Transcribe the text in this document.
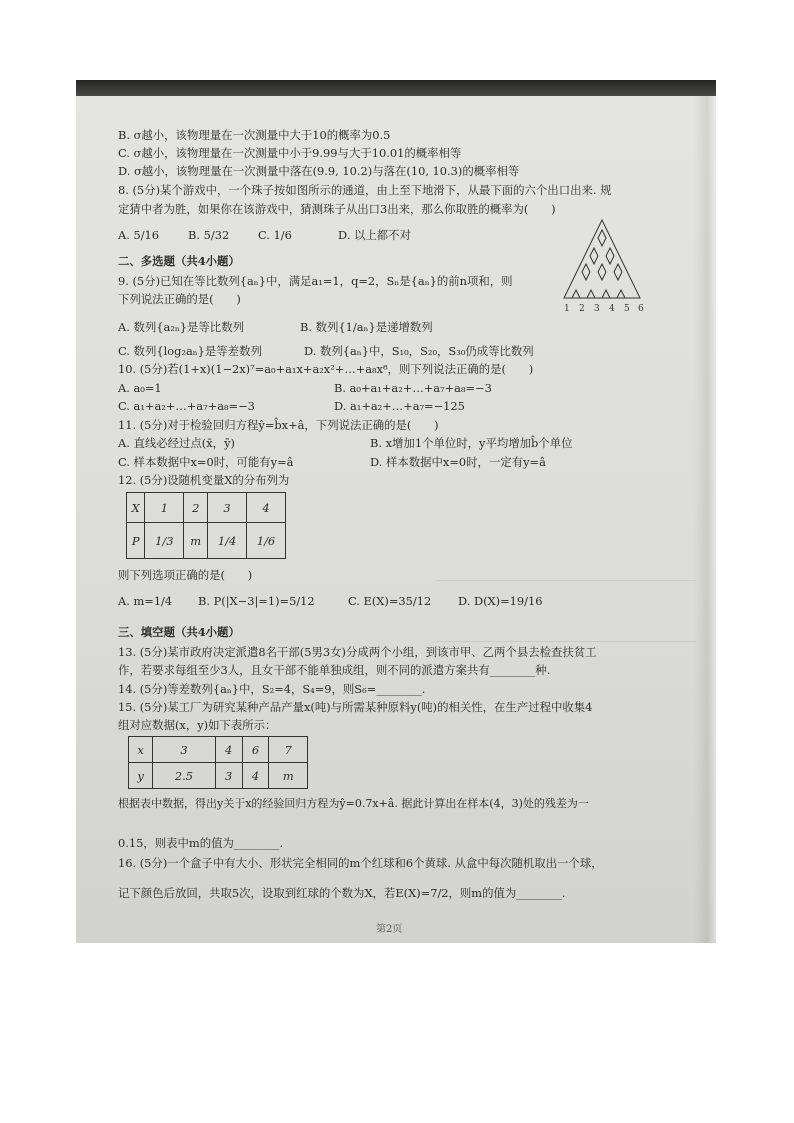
B. σ越小，该物理量在一次测量中大于10的概率为0.5
C. σ越小，该物理量在一次测量中小于9.99与大于10.01的概率相等
D. σ越小，该物理量在一次测量中落在(9.9, 10.2)与落在(10, 10.3)的概率相等
8. (5分)某个游戏中，一个珠子按如图所示的通道，由上至下地滑下，从最下面的六个出口出来. 规
定猜中者为胜，如果你在该游戏中，猜测珠子从出口3出来，那么你取胜的概率为(　　)
A. 5/16	B. 5/32	C. 1/6	D. 以上都不对
二、多选题（共4小题）
9. (5分)已知在等比数列{aₙ}中，满足a₁=1，q=2，Sₙ是{aₙ}的前n项和，则
下列说法正确的是(　　)
A. 数列{a₂ₙ}是等比数列	B. 数列{1/aₙ}是递增数列
C. 数列{log₂aₙ}是等差数列	D. 数列{aₙ}中，S₁₀，S₂₀，S₃₀仍成等比数列
10. (5分)若(1+x)(1−2x)⁷=a₀+a₁x+a₂x²+…+a₈x⁸，则下列说法正确的是(　　)
A. a₀=1	B. a₀+a₁+a₂+…+a₇+a₈=−3
C. a₁+a₂+…+a₇+a₈=−3	D. a₁+a₂+…+a₇=−125
11. (5分)对于检验回归方程ŷ=b̂x+â，下列说法正确的是(　　)
A. 直线必经过点(x̄，ȳ)	B. x增加1个单位时，y平均增加b̂个单位
C. 样本数据中x=0时，可能有y=â	D. 样本数据中x=0时，一定有y=â
12. (5分)设随机变量X的分布列为
X	1	2	3	4
P	1/3	m	1/4	1/6
则下列选项正确的是(　　)
A. m=1/4 B. P(|X−3|=1)=5/12	C. E(X)=35/12 D. D(X)=19/16
三、填空题（共4小题）
13. (5分)某市政府决定派遣8名干部(5男3女)分成两个小组，到该市甲、乙两个县去检查扶贫工
作，若要求每组至少3人，且女干部不能单独成组，则不同的派遣方案共有________种.
14. (5分)等差数列{aₙ}中，S₂=4，S₄=9，则S₆=________.
15. (5分)某工厂为研究某种产品产量x(吨)与所需某种原料y(吨)的相关性，在生产过程中收集4
组对应数据(x，y)如下表所示：
x	3	4	6	7
y	2.5	3	4	m
根据表中数据，得出y关于x的经验回归方程为ŷ=0.7x+â. 据此计算出在样本(4，3)处的残差为一
0.15，则表中m的值为________.
16. (5分)一个盒子中有大小、形状完全相同的m个红球和6个黄球. 从盒中每次随机取出一个球，
记下颜色后放回，共取5次，设取到红球的个数为X，若E(X)=7/2，则m的值为________.
1 2 3 4 5 6
第2页
